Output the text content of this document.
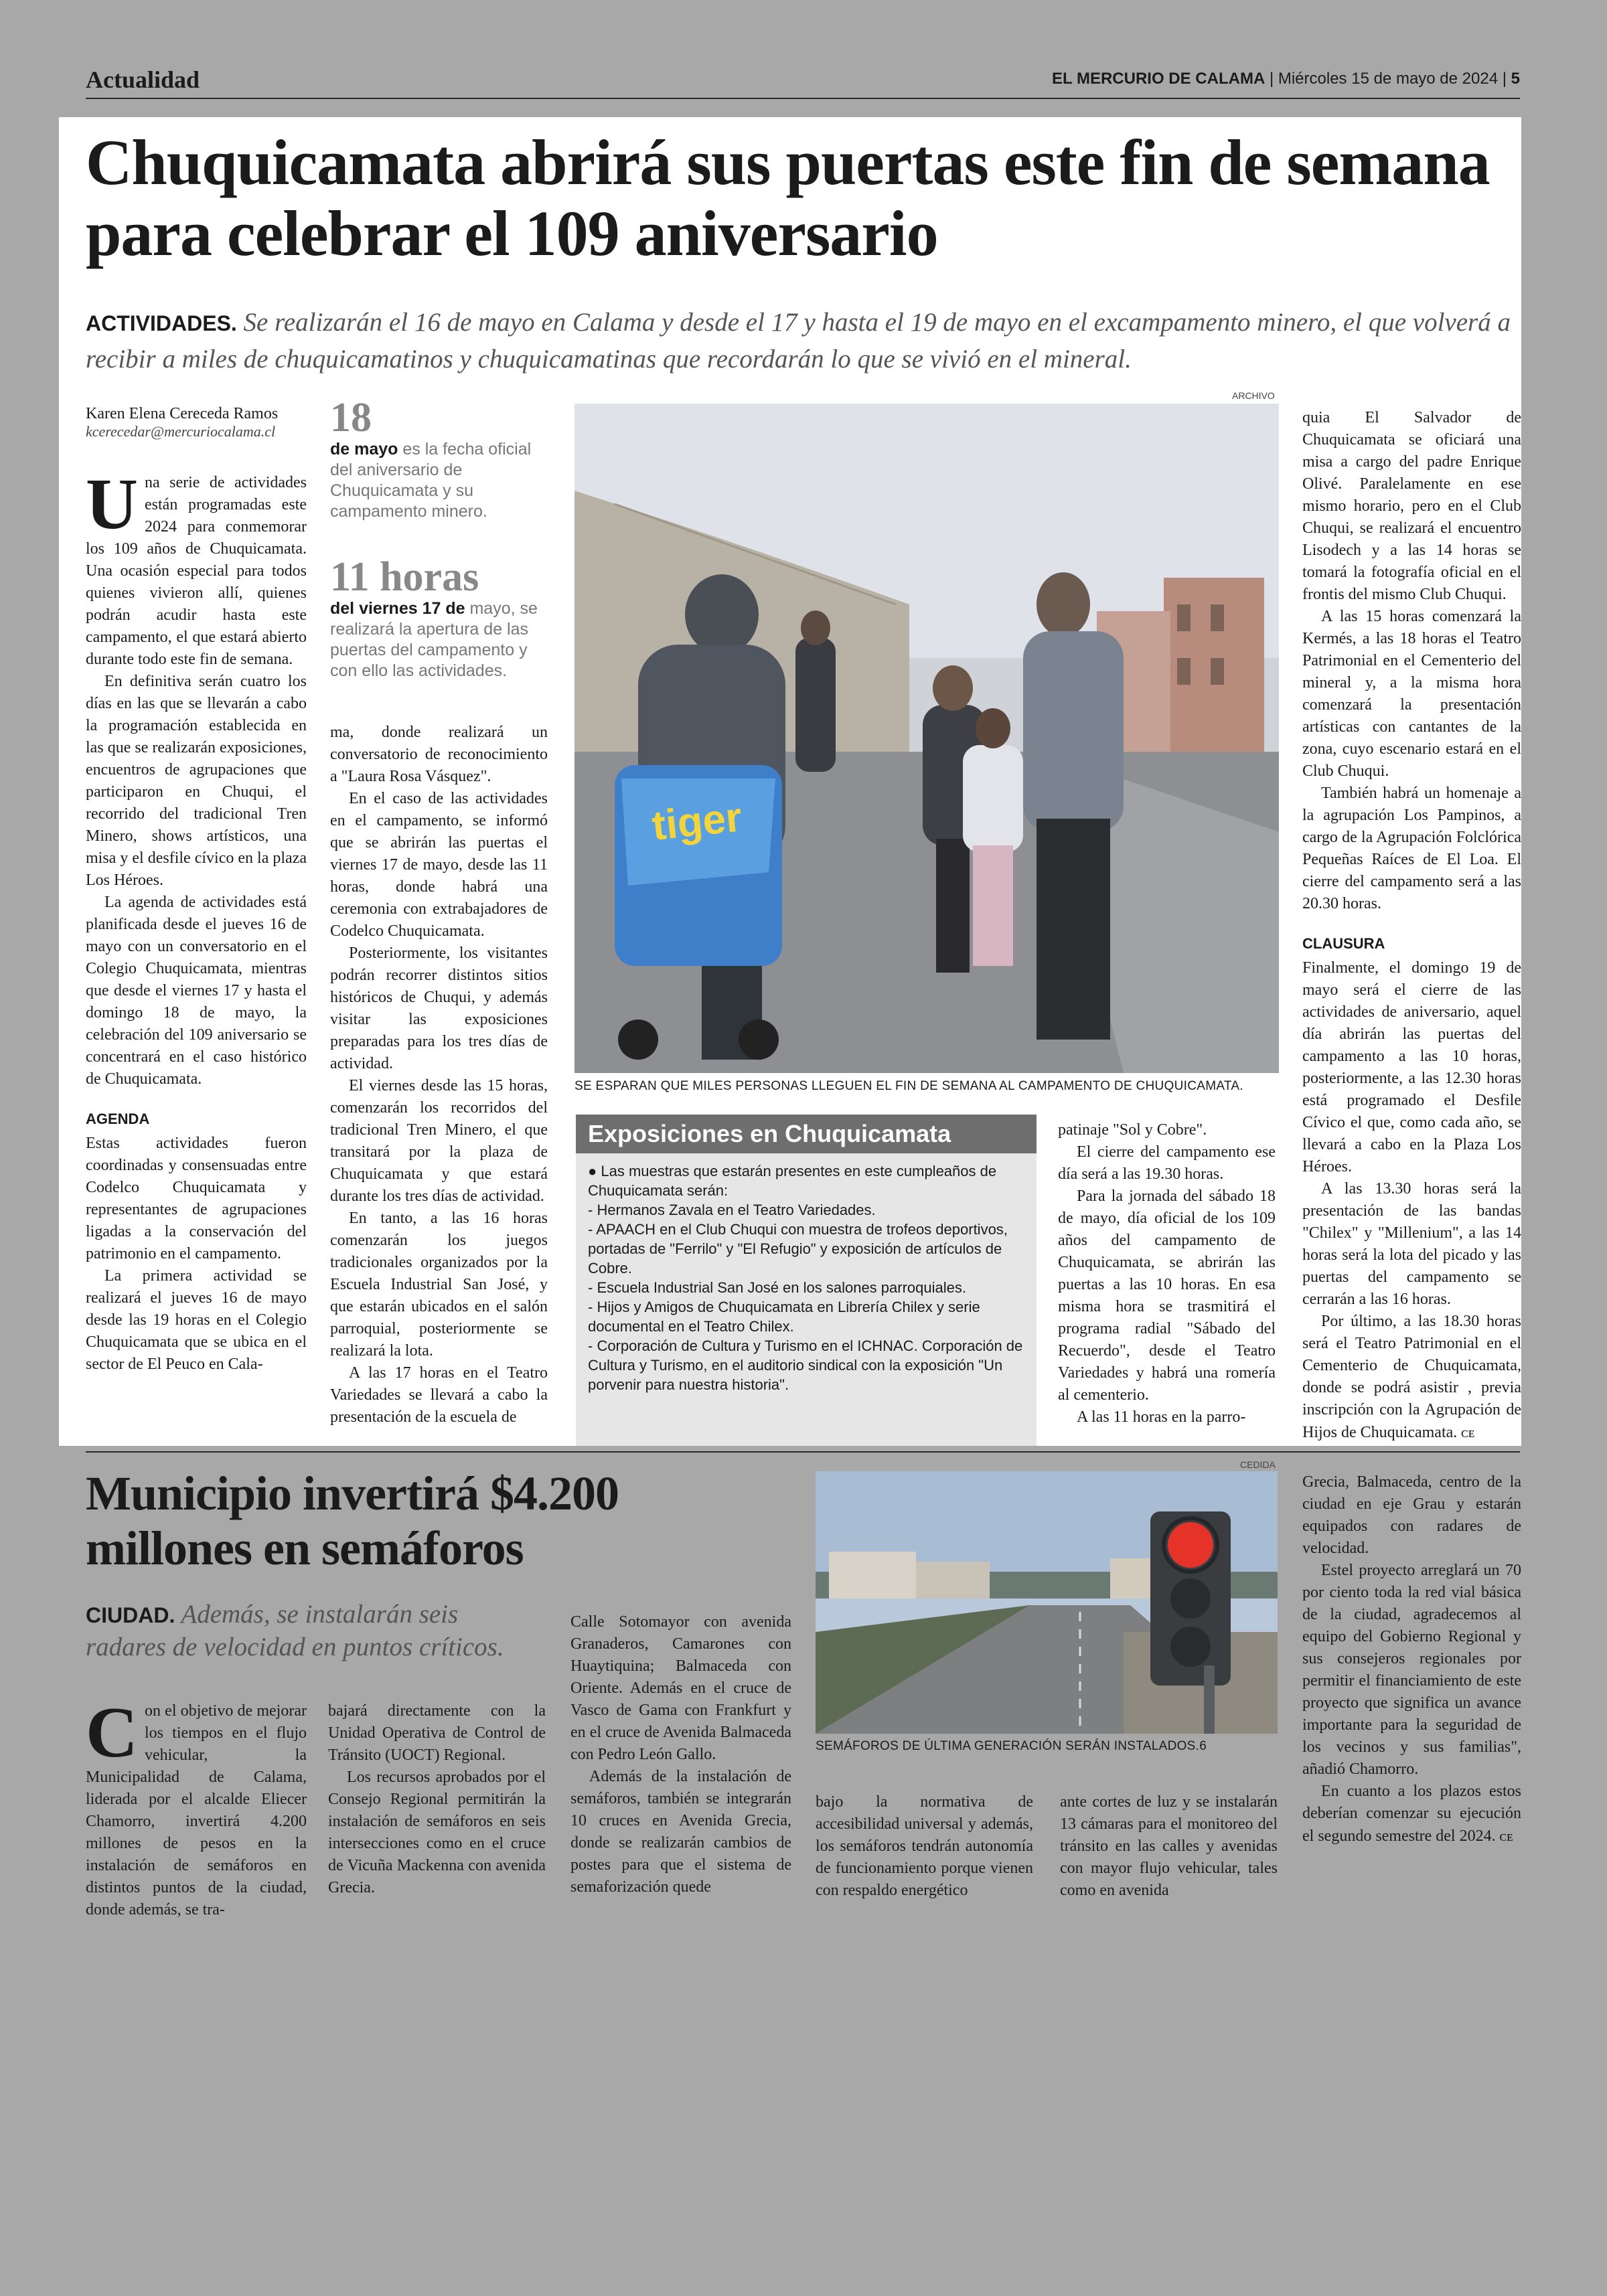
Actualidad	EL MERCURIO DE CALAMA | Miércoles 15 de mayo de 2024 | 5
Chuquicamata abrirá sus puertas este fin de semana para celebrar el 109 aniversario
ACTIVIDADES. Se realizarán el 16 de mayo en Calama y desde el 17 y hasta el 19 de mayo en el excampamento minero, el que volverá a recibir a miles de chuquicamatinos y chuquicamatinas que recordarán lo que se vivió en el mineral.
Karen Elena Cereceda Ramos
kcerecedar@mercuriocalama.cl

Una serie de actividades están programadas este 2024 para conmemorar los 109 años de Chuquicamata. Una ocasión especial para todos quienes vivieron allí, quienes podrán acudir hasta este campamento, el que estará abierto durante todo este fin de semana.

En definitiva serán cuatro los días en las que se llevarán a cabo la programación establecida en las que se realizarán exposiciones, encuentros de agrupaciones que participaron en Chuqui, el recorrido del tradicional Tren Minero, shows artísticos, una misa y el desfile cívico en la plaza Los Héroes.

La agenda de actividades está planificada desde el jueves 16 de mayo con un conversatorio en el Colegio Chuquicamata, mientras que desde el viernes 17 y hasta el domingo 18 de mayo, la celebración del 109 aniversario se concentrará en el caso histórico de Chuquicamata.

AGENDA

Estas actividades fueron coordinadas y consensuadas entre Codelco Chuquicamata y representantes de agrupaciones ligadas a la conservación del patrimonio en el campamento.

La primera actividad se realizará el jueves 16 de mayo desde las 19 horas en el Colegio Chuquicamata que se ubica en el sector de El Peuco en Cala-

18
de mayo es la fecha oficial del aniversario de Chuquicamata y su campamento minero.
11 horas
del viernes 17 de mayo, se realizará la apertura de las puertas del campamento y con ello las actividades.

ma, donde realizará un conversatorio de reconocimiento a "Laura Rosa Vásquez".

En el caso de las actividades en el campamento, se informó que se abrirán las puertas el viernes 17 de mayo, desde las 11 horas, donde habrá una ceremonia con extrabajadores de Codelco Chuquicamata.

Posteriormente, los visitantes podrán recorrer distintos sitios históricos de Chuqui, y además visitar las exposiciones preparadas para los tres días de actividad.

El viernes desde las 15 horas, comenzarán los recorridos del tradicional Tren Minero, el que transitará por la plaza de Chuquicamata y que estará durante los tres días de actividad.

En tanto, a las 16 horas comenzarán los juegos tradicionales organizados por la Escuela Industrial San José, y que estarán ubicados en el salón parroquial, posteriormente se realizará la lota.

A las 17 horas en el Teatro Variedades se llevará a cabo la presentación de la escuela de

ARCHIVO
tiger
SE ESPARAN QUE MILES PERSONAS LLEGUEN EL FIN DE SEMANA AL CAMPAMENTO DE CHUQUICAMATA.
Exposiciones en Chuquicamata
● Las muestras que estarán presentes en este cumpleaños de Chuquicamata serán:
- Hermanos Zavala en el Teatro Variedades.
- APAACH en el Club Chuqui con muestra de trofeos deportivos, portadas de "Ferrilo" y "El Refugio" y exposición de artículos de Cobre.
- Escuela Industrial San José en los salones parroquiales.
- Hijos y Amigos de Chuquicamata en Librería Chilex y serie documental en el Teatro Chilex.
- Corporación de Cultura y Turismo en el ICHNAC. Corporación de Cultura y Turismo, en el auditorio sindical con la exposición "Un porvenir para nuestra historia".

patinaje "Sol y Cobre".

El cierre del campamento ese día será a las 19.30 horas.

Para la jornada del sábado 18 de mayo, día oficial de los 109 años del campamento de Chuquicamata, se abrirán las puertas a las 10 horas. En esa misma hora se trasmitirá el programa radial "Sábado del Recuerdo", desde el Teatro Variedades y habrá una romería al cementerio.

A las 11 horas en la parro-

quia El Salvador de Chuquicamata se oficiará una misa a cargo del padre Enrique Olivé. Paralelamente en ese mismo horario, pero en el Club Chuqui, se realizará el encuentro Lisodech y a las 14 horas se tomará la fotografía oficial en el frontis del mismo Club Chuqui.

A las 15 horas comenzará la Kermés, a las 18 horas el Teatro Patrimonial en el Cementerio del mineral y, a la misma hora comenzará la presentación artísticas con cantantes de la zona, cuyo escenario estará en el Club Chuqui.

También habrá un homenaje a la agrupación Los Pampinos, a cargo de la Agrupación Folclórica Pequeñas Raíces de El Loa. El cierre del campamento será a las 20.30 horas.

CLAUSURA

Finalmente, el domingo 19 de mayo será el cierre de las actividades de aniversario, aquel día abrirán las puertas del campamento a las 10 horas, posteriormente, a las 12.30 horas está programado el Desfile Cívico el que, como cada año, se llevará a cabo en la Plaza Los Héroes.

A las 13.30 horas será la presentación de las bandas "Chilex" y "Millenium", a las 14 horas será la lota del picado y las puertas del campamento se cerrarán a las 16 horas.

Por último, a las 18.30 horas será el Teatro Patrimonial en el Cementerio de Chuquicamata, donde se podrá asistir , previa inscripción con la Agrupación de Hijos de Chuquicamata. ᴄᴇ

Municipio invertirá $4.200 millones en semáforos
CIUDAD. Además, se instalarán seis radares de velocidad en puntos críticos.

Con el objetivo de mejorar los tiempos en el flujo vehicular, la Municipalidad de Calama, liderada por el alcalde Eliecer Chamorro, invertirá 4.200 millones de pesos en la instalación de semáforos en distintos puntos de la ciudad, donde además, se tra-

bajará directamente con la Unidad Operativa de Control de Tránsito (UOCT) Regional.

Los recursos aprobados por el Consejo Regional permitirán la instalación de semáforos en seis intersecciones como en el cruce de Vicuña Mackenna con avenida Grecia.

Calle Sotomayor con avenida Granaderos, Camarones con Huaytiquina; Balmaceda con Oriente. Además en el cruce de Vasco de Gama con Frankfurt y en el cruce de Avenida Balmaceda con Pedro León Gallo.

Además de la instalación de semáforos, también se integrarán 10 cruces en Avenida Grecia, donde se realizarán cambios de postes para que el sistema de semaforización quede

CEDIDA
SEMÁFOROS DE ÚLTIMA GENERACIÓN SERÁN INSTALADOS.6

bajo la normativa de accesibilidad universal y además, los semáforos tendrán autonomía de funcionamiento porque vienen con respaldo energético

ante cortes de luz y se instalarán 13 cámaras para el monitoreo del tránsito en las calles y avenidas con mayor flujo vehicular, tales como en avenida

Grecia, Balmaceda, centro de la ciudad en eje Grau y estarán equipados con radares de velocidad.

Estel proyecto arreglará un 70 por ciento toda la red vial básica de la ciudad, agradecemos al equipo del Gobierno Regional y sus consejeros regionales por permitir el financiamiento de este proyecto que significa un avance importante para la seguridad de los vecinos y sus familias", añadió Chamorro.

En cuanto a los plazos estos deberían comenzar su ejecución el segundo semestre del 2024. ᴄᴇ
